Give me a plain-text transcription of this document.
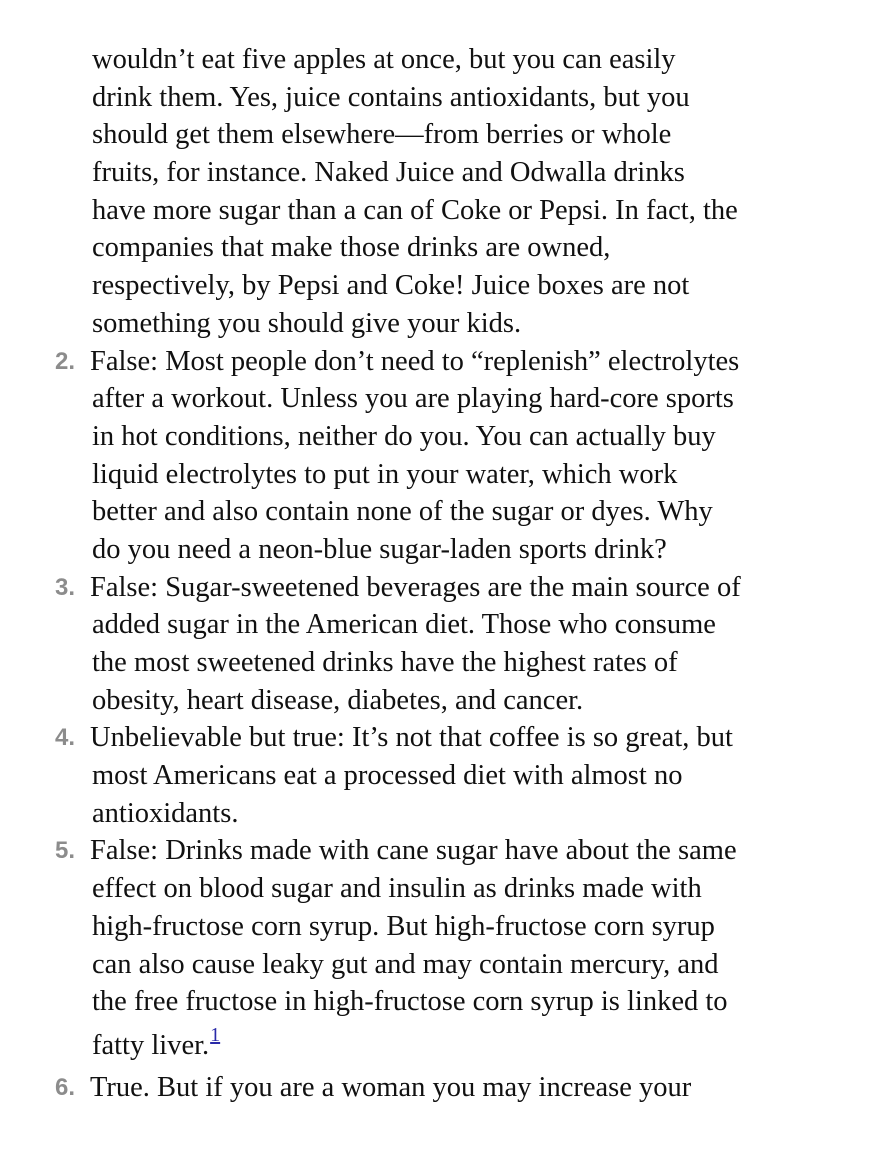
wouldn’t eat five apples at once, but you can easily
drink them. Yes, juice contains antioxidants, but you
should get them elsewhere—from berries or whole
fruits, for instance. Naked Juice and Odwalla drinks
have more sugar than a can of Coke or Pepsi. In fact, the
companies that make those drinks are owned,
respectively, by Pepsi and Coke! Juice boxes are not
something you should give your kids.
2. False: Most people don’t need to “replenish” electrolytes
after a workout. Unless you are playing hard-core sports
in hot conditions, neither do you. You can actually buy
liquid electrolytes to put in your water, which work
better and also contain none of the sugar or dyes. Why
do you need a neon-blue sugar-laden sports drink?
3. False: Sugar-sweetened beverages are the main source of
added sugar in the American diet. Those who consume
the most sweetened drinks have the highest rates of
obesity, heart disease, diabetes, and cancer.
4. Unbelievable but true: It’s not that coffee is so great, but
most Americans eat a processed diet with almost no
antioxidants.
5. False: Drinks made with cane sugar have about the same
effect on blood sugar and insulin as drinks made with
high-fructose corn syrup. But high-fructose corn syrup
can also cause leaky gut and may contain mercury, and
the free fructose in high-fructose corn syrup is linked to
fatty liver.$^1$
6. True. But if you are a woman you may increase your
